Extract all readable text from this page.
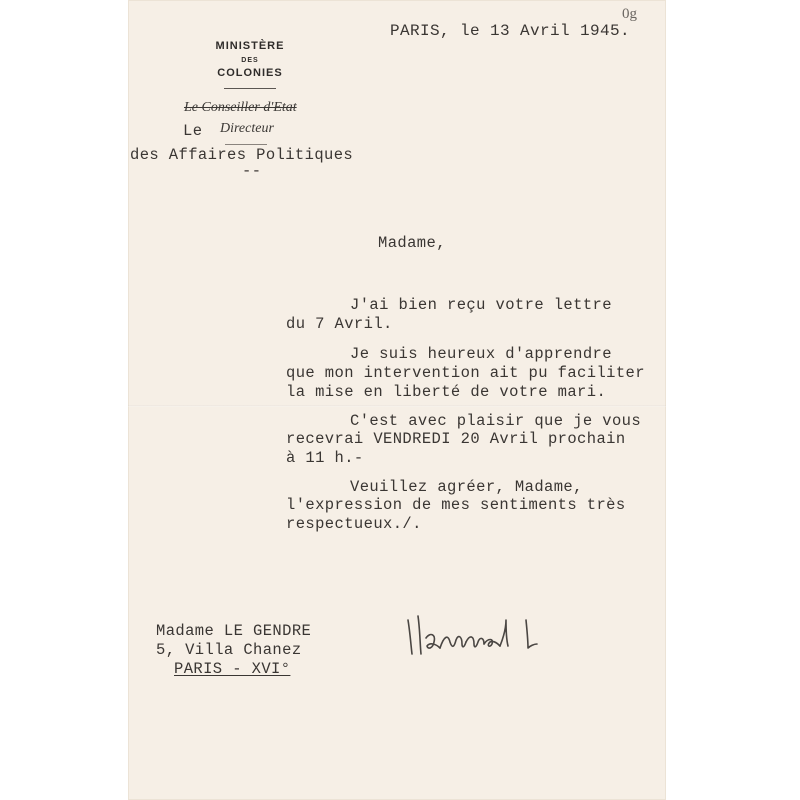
0g
MINISTÈRE
DES
COLONIES
Le Conseiller d'Etat
Le Directeur
des Affaires Politiques
--
PARIS, le 13 Avril 1945.
Madame,
J'ai bien reçu votre lettre
du 7 Avril.
Je suis heureux d'apprendre
que mon intervention ait pu faciliter
la mise en liberté de votre mari.
C'est avec plaisir que je vous
recevrai VENDREDI 20 Avril prochain
à 11 h.-
Veuillez agréer, Madame,
l'expression de mes sentiments très
respectueux./.
Madame LE GENDRE
5, Villa Chanez
PARIS - XVI°
